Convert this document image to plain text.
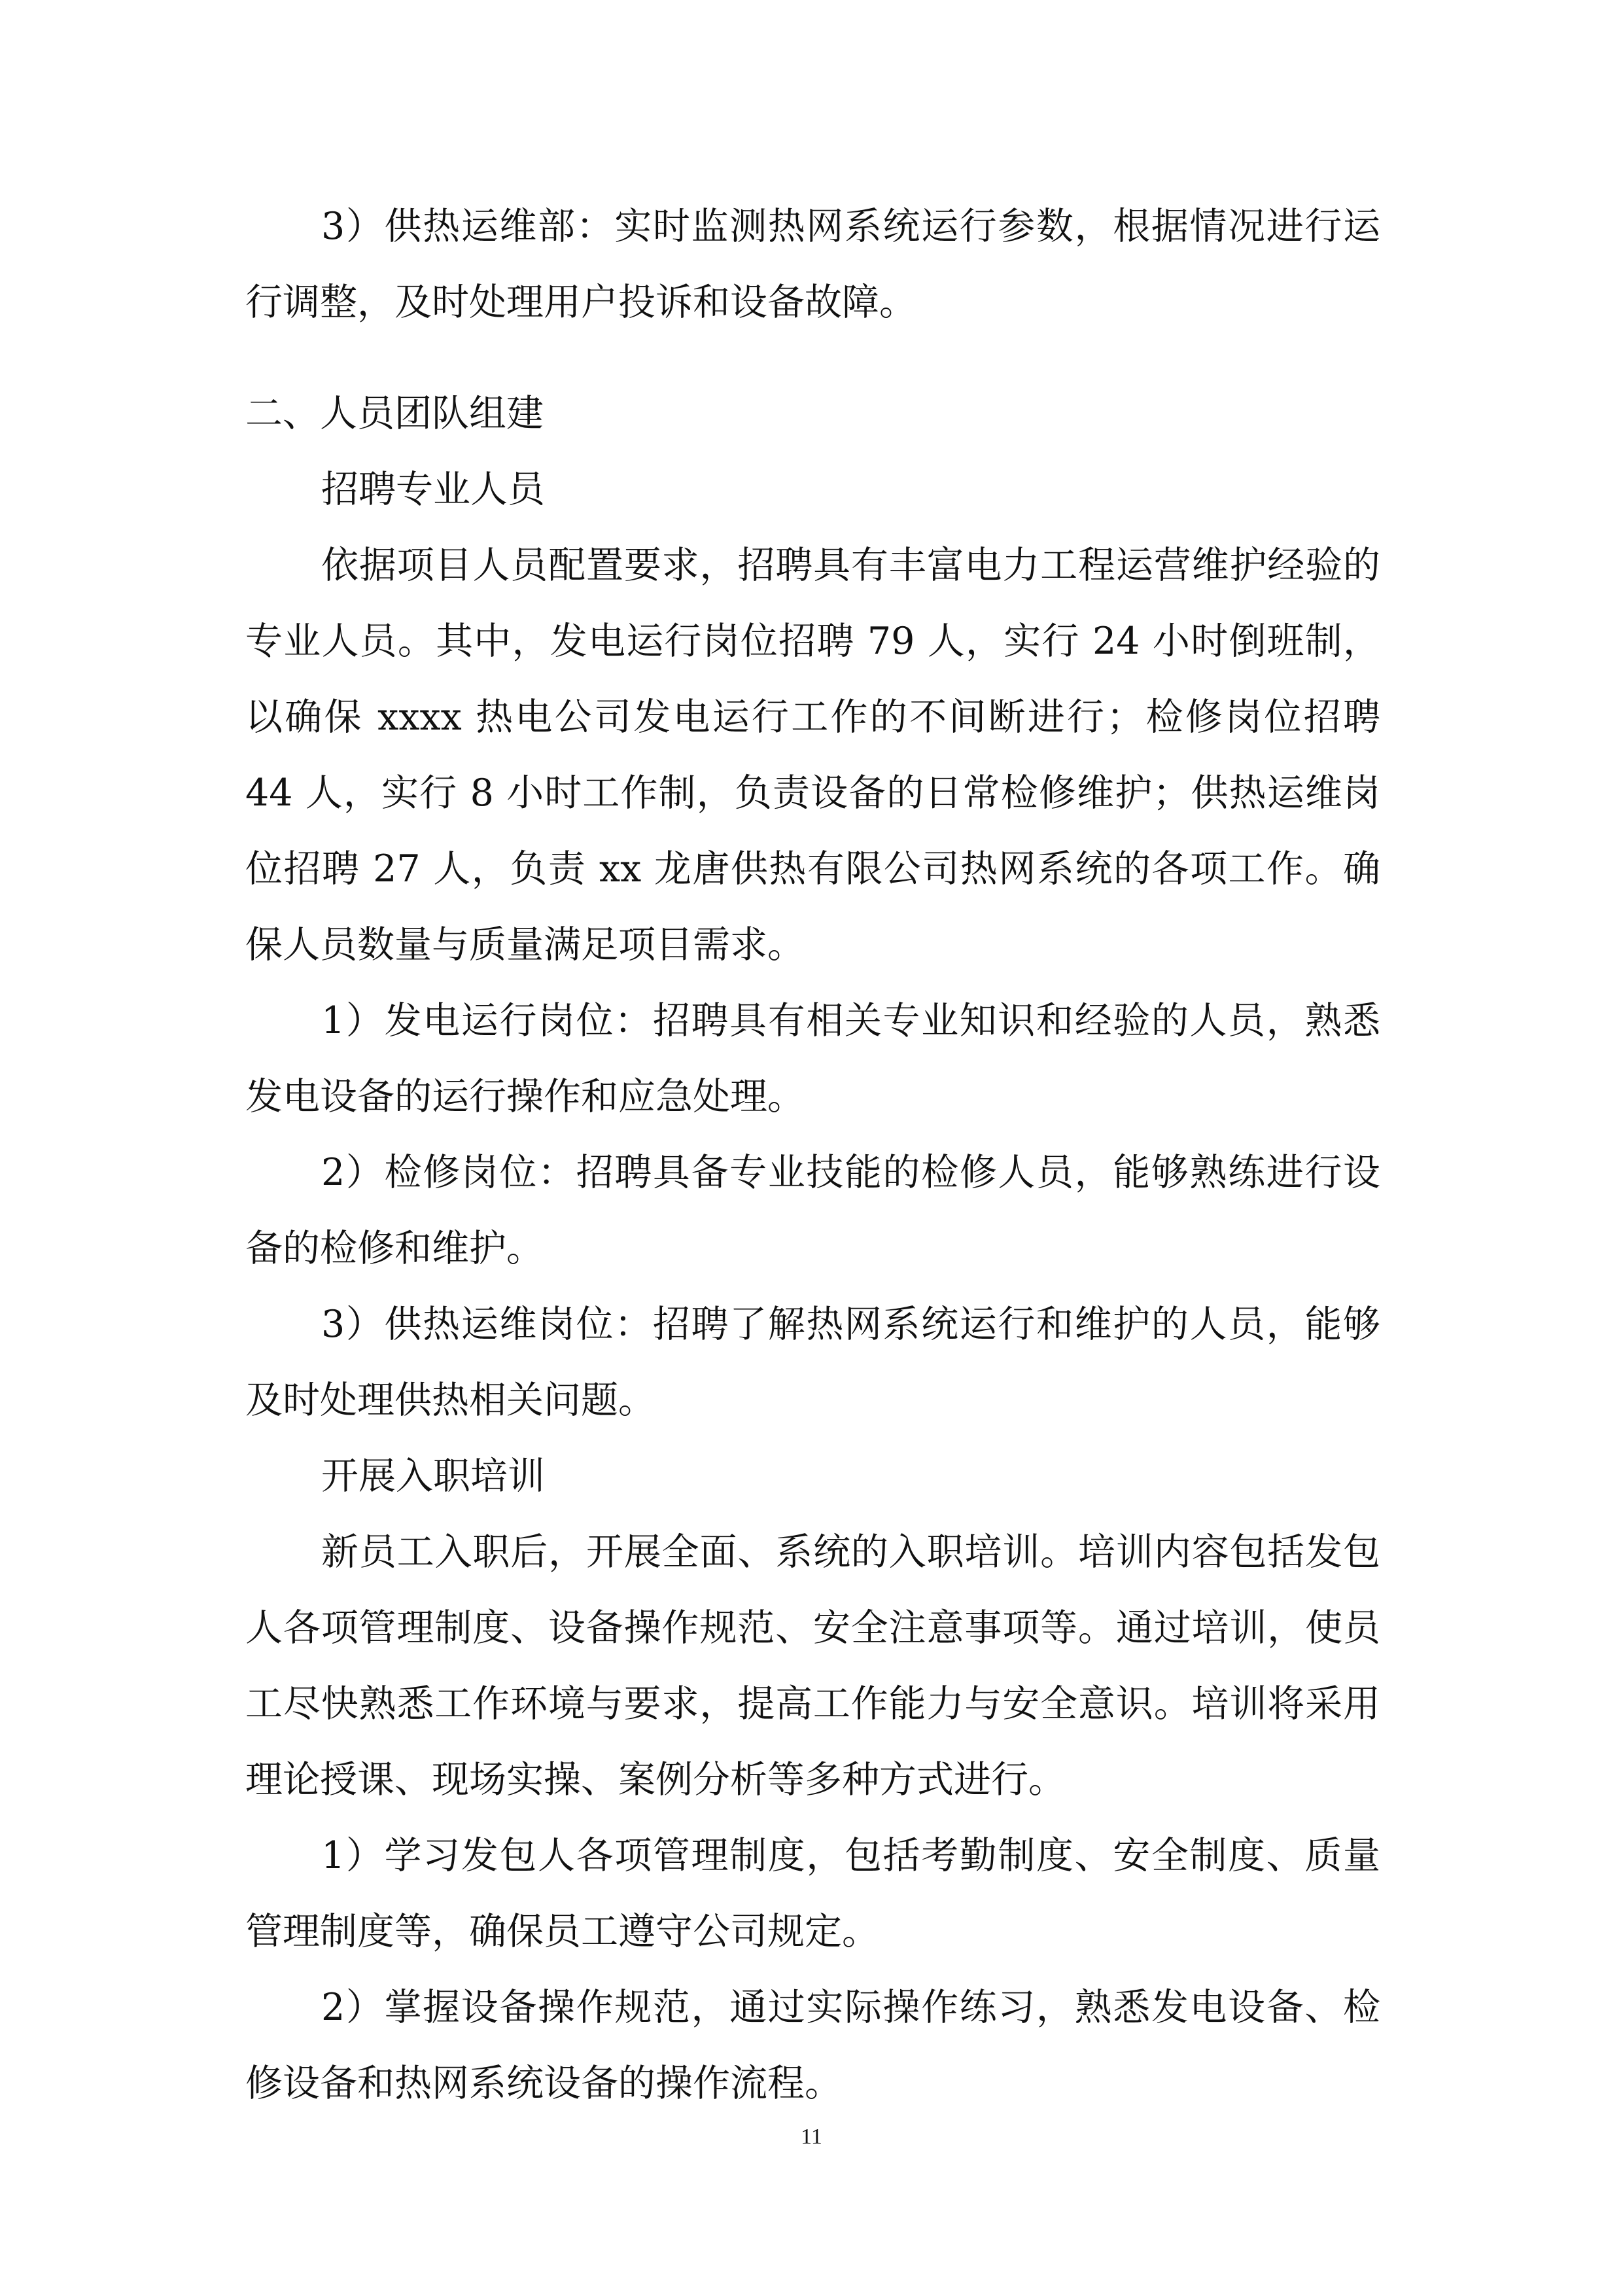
3）供热运维部：实时监测热网系统运行参数，根据情况进行运行调整，及时处理用户投诉和设备故障。

二、人员团队组建

招聘专业人员

依据项目人员配置要求，招聘具有丰富电力工程运营维护经验的专业人员。其中，发电运行岗位招聘 79 人，实行 24 小时倒班制，以确保 xxxx 热电公司发电运行工作的不间断进行；检修岗位招聘 44 人，实行 8 小时工作制，负责设备的日常检修维护；供热运维岗位招聘 27 人，负责 xx 龙唐供热有限公司热网系统的各项工作。确保人员数量与质量满足项目需求。

1）发电运行岗位：招聘具有相关专业知识和经验的人员，熟悉发电设备的运行操作和应急处理。

2）检修岗位：招聘具备专业技能的检修人员，能够熟练进行设备的检修和维护。

3）供热运维岗位：招聘了解热网系统运行和维护的人员，能够及时处理供热相关问题。

开展入职培训

新员工入职后，开展全面、系统的入职培训。培训内容包括发包人各项管理制度、设备操作规范、安全注意事项等。通过培训，使员工尽快熟悉工作环境与要求，提高工作能力与安全意识。培训将采用理论授课、现场实操、案例分析等多种方式进行。

1）学习发包人各项管理制度，包括考勤制度、安全制度、质量管理制度等，确保员工遵守公司规定。

2）掌握设备操作规范，通过实际操作练习，熟悉发电设备、检修设备和热网系统设备的操作流程。

11
